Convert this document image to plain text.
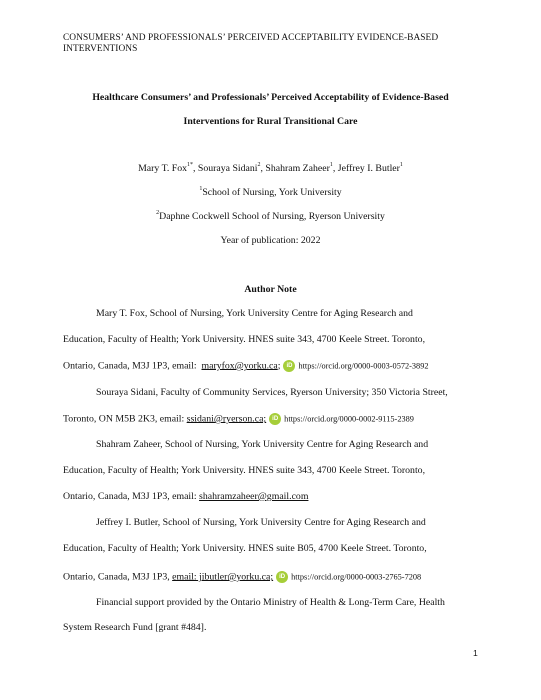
CONSUMERS’ AND PROFESSIONALS’ PERCEIVED ACCEPTABILITY EVIDENCE-BASED
INTERVENTIONS
Healthcare Consumers’ and Professionals’ Perceived Acceptability of Evidence-Based
Interventions for Rural Transitional Care
Mary T. Fox$^{1*}$, Souraya Sidani$^2$, Shahram Zaheer$^1$, Jeffrey I. Butler$^1$
$^1$School of Nursing, York University
$^2$Daphne Cockwell School of Nursing, Ryerson University
Year of publication: 2022
Author Note
Mary T. Fox, School of Nursing, York University Centre for Aging Research and
Education, Faculty of Health; York University. HNES suite 343, 4700 Keele Street. Toronto,
Ontario, Canada, M3J 1P3, email:  maryfox@yorku.ca; iD https://orcid.org/0000-0003-0572-3892
Souraya Sidani, Faculty of Community Services, Ryerson University; 350 Victoria Street,
Toronto, ON M5B 2K3, email: ssidani@ryerson.ca; iD https://orcid.org/0000-0002-9115-2389
Shahram Zaheer, School of Nursing, York University Centre for Aging Research and
Education, Faculty of Health; York University. HNES suite 343, 4700 Keele Street. Toronto,
Ontario, Canada, M3J 1P3, email: shahramzaheer@gmail.com
Jeffrey I. Butler, School of Nursing, York University Centre for Aging Research and
Education, Faculty of Health; York University. HNES suite B05, 4700 Keele Street. Toronto,
Ontario, Canada, M3J 1P3, email: jibutler@yorku.ca; iD https://orcid.org/0000-0003-2765-7208
Financial support provided by the Ontario Ministry of Health & Long-Term Care, Health
System Research Fund [grant #484].
1
